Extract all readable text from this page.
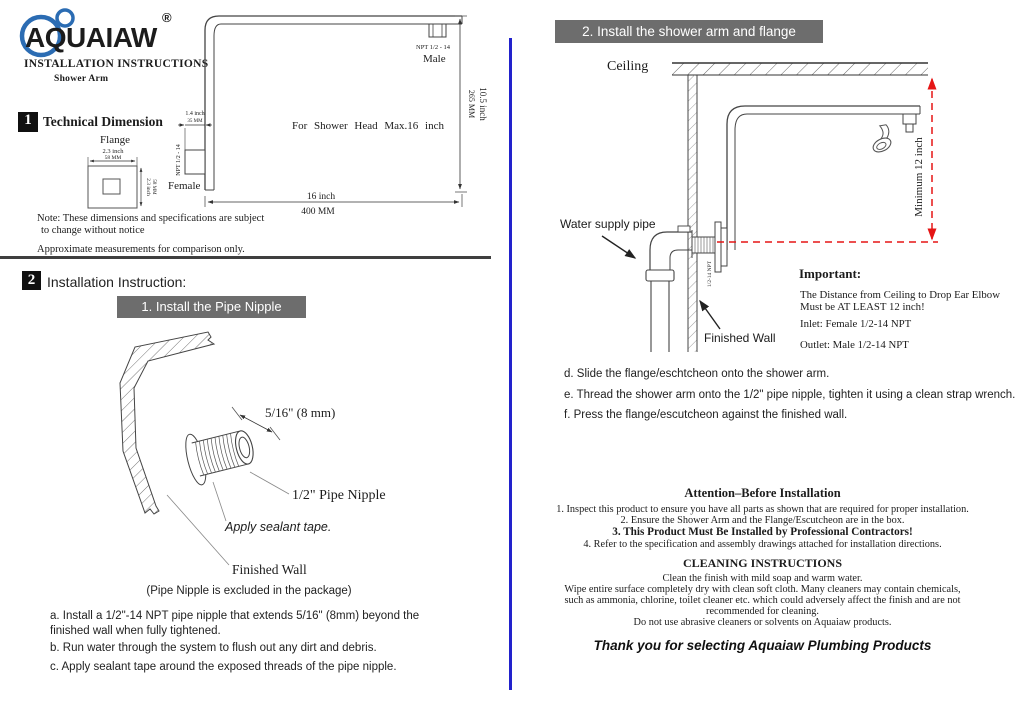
AQUAIAW
®
INSTALLATION INSTRUCTIONS
Shower Arm
NPT 1/2 - 14
Male
265 MM 10.5 inch
For Shower Head Max.16 inch
16 inch
400 MM
1.4 inch
35 MM
NPT 1/2 - 14
Female
1 Technical Dimension
Flange
2.3 inch
58 MM
2.3 inch 58 MM
Note: These dimensions and specifications are subject
to change without notice
Approximate measurements for comparison only.
2 Installation Instruction:
1. Install the Pipe Nipple
5/16" (8 mm)
1/2" Pipe Nipple
Apply sealant tape.
Finished Wall
(Pipe Nipple is excluded in the package)
a. Install a 1/2"-14 NPT pipe nipple that extends 5/16" (8mm) beyond the
finished wall when fully tightened.
b. Run water through the system to flush out any dirt and debris.
c. Apply sealant tape around the exposed threads of the pipe nipple.
2. Install the shower arm and flange
Ceiling
1/2-14 NPT
Minimum 12 inch
Water supply pipe
Finished Wall
Important:
The Distance from Ceiling to Drop Ear Elbow
Must be AT LEAST 12 inch!
Inlet: Female 1/2-14 NPT
Outlet: Male 1/2-14 NPT
d. Slide the flange/eschtcheon onto the shower arm.
e. Thread the shower arm onto the 1/2" pipe nipple, tighten it using a clean strap wrench.
f. Press the flange/escutcheon against the finished wall.
Attention–Before Installation
1. Inspect this product to ensure you have all parts as shown that are required for proper installation.
2. Ensure the Shower Arm and the Flange/Escutcheon are in the box.
3. This Product Must Be Installed by Professional Contractors!
4. Refer to the specification and assembly drawings attached for installation directions.
CLEANING INSTRUCTIONS
Clean the finish with mild soap and warm water.
Wipe entire surface completely dry with clean soft cloth. Many cleaners may contain chemicals,
such as ammonia, chlorine, toilet cleaner etc. which could adversely affect the finish and are not
recommended for cleaning.
Do not use abrasive cleaners or solvents on Aquaiaw products.
Thank you for selecting Aquaiaw Plumbing Products
